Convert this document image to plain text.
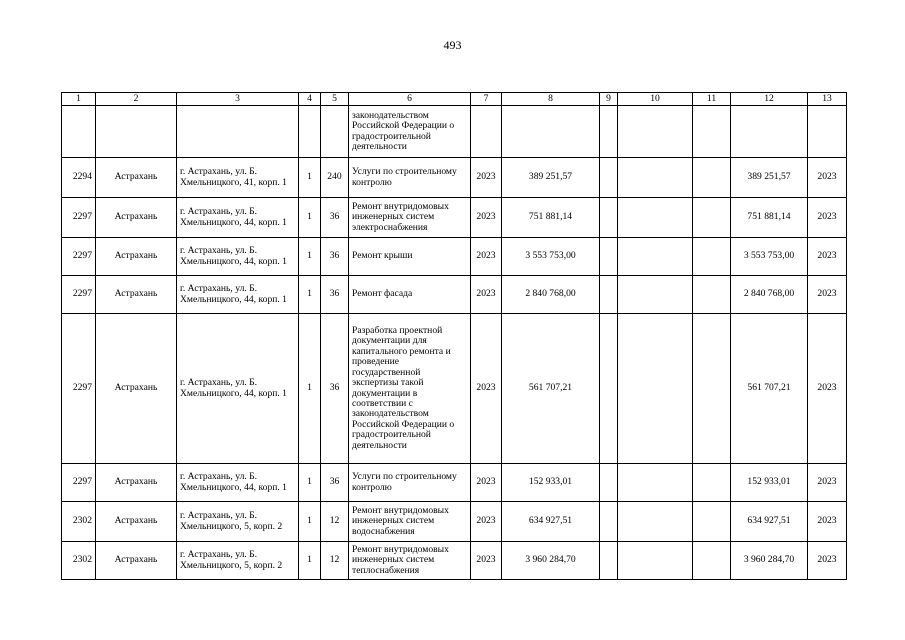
493
1	2	3	4	5	6	7	8	9	10	11	12	13
					законодательством Российской Федерации о градостроительной деятельности							
2294	Астрахань	г. Астрахань, ул. Б. Хмельницкого, 41, корп. 1	1	240	Услуги по строительному контролю	2023	389 251,57				389 251,57	2023
2297	Астрахань	г. Астрахань, ул. Б. Хмельницкого, 44, корп. 1	1	36	Ремонт внутридомовых инженерных систем электроснабжения	2023	751 881,14				751 881,14	2023
2297	Астрахань	г. Астрахань, ул. Б. Хмельницкого, 44, корп. 1	1	36	Ремонт крыши	2023	3 553 753,00				3 553 753,00	2023
2297	Астрахань	г. Астрахань, ул. Б. Хмельницкого, 44, корп. 1	1	36	Ремонт фасада	2023	2 840 768,00				2 840 768,00	2023
2297	Астрахань	г. Астрахань, ул. Б. Хмельницкого, 44, корп. 1	1	36	Разработка проектной документации для капитального ремонта и проведение государственной экспертизы такой документации в соответствии с законодательством Российской Федерации о градостроительной деятельности	2023	561 707,21				561 707,21	2023
2297	Астрахань	г. Астрахань, ул. Б. Хмельницкого, 44, корп. 1	1	36	Услуги по строительному контролю	2023	152 933,01				152 933,01	2023
2302	Астрахань	г. Астрахань, ул. Б. Хмельницкого, 5, корп. 2	1	12	Ремонт внутридомовых инженерных систем водоснабжения	2023	634 927,51				634 927,51	2023
2302	Астрахань	г. Астрахань, ул. Б. Хмельницкого, 5, корп. 2	1	12	Ремонт внутридомовых инженерных систем теплоснабжения	2023	3 960 284,70				3 960 284,70	2023
